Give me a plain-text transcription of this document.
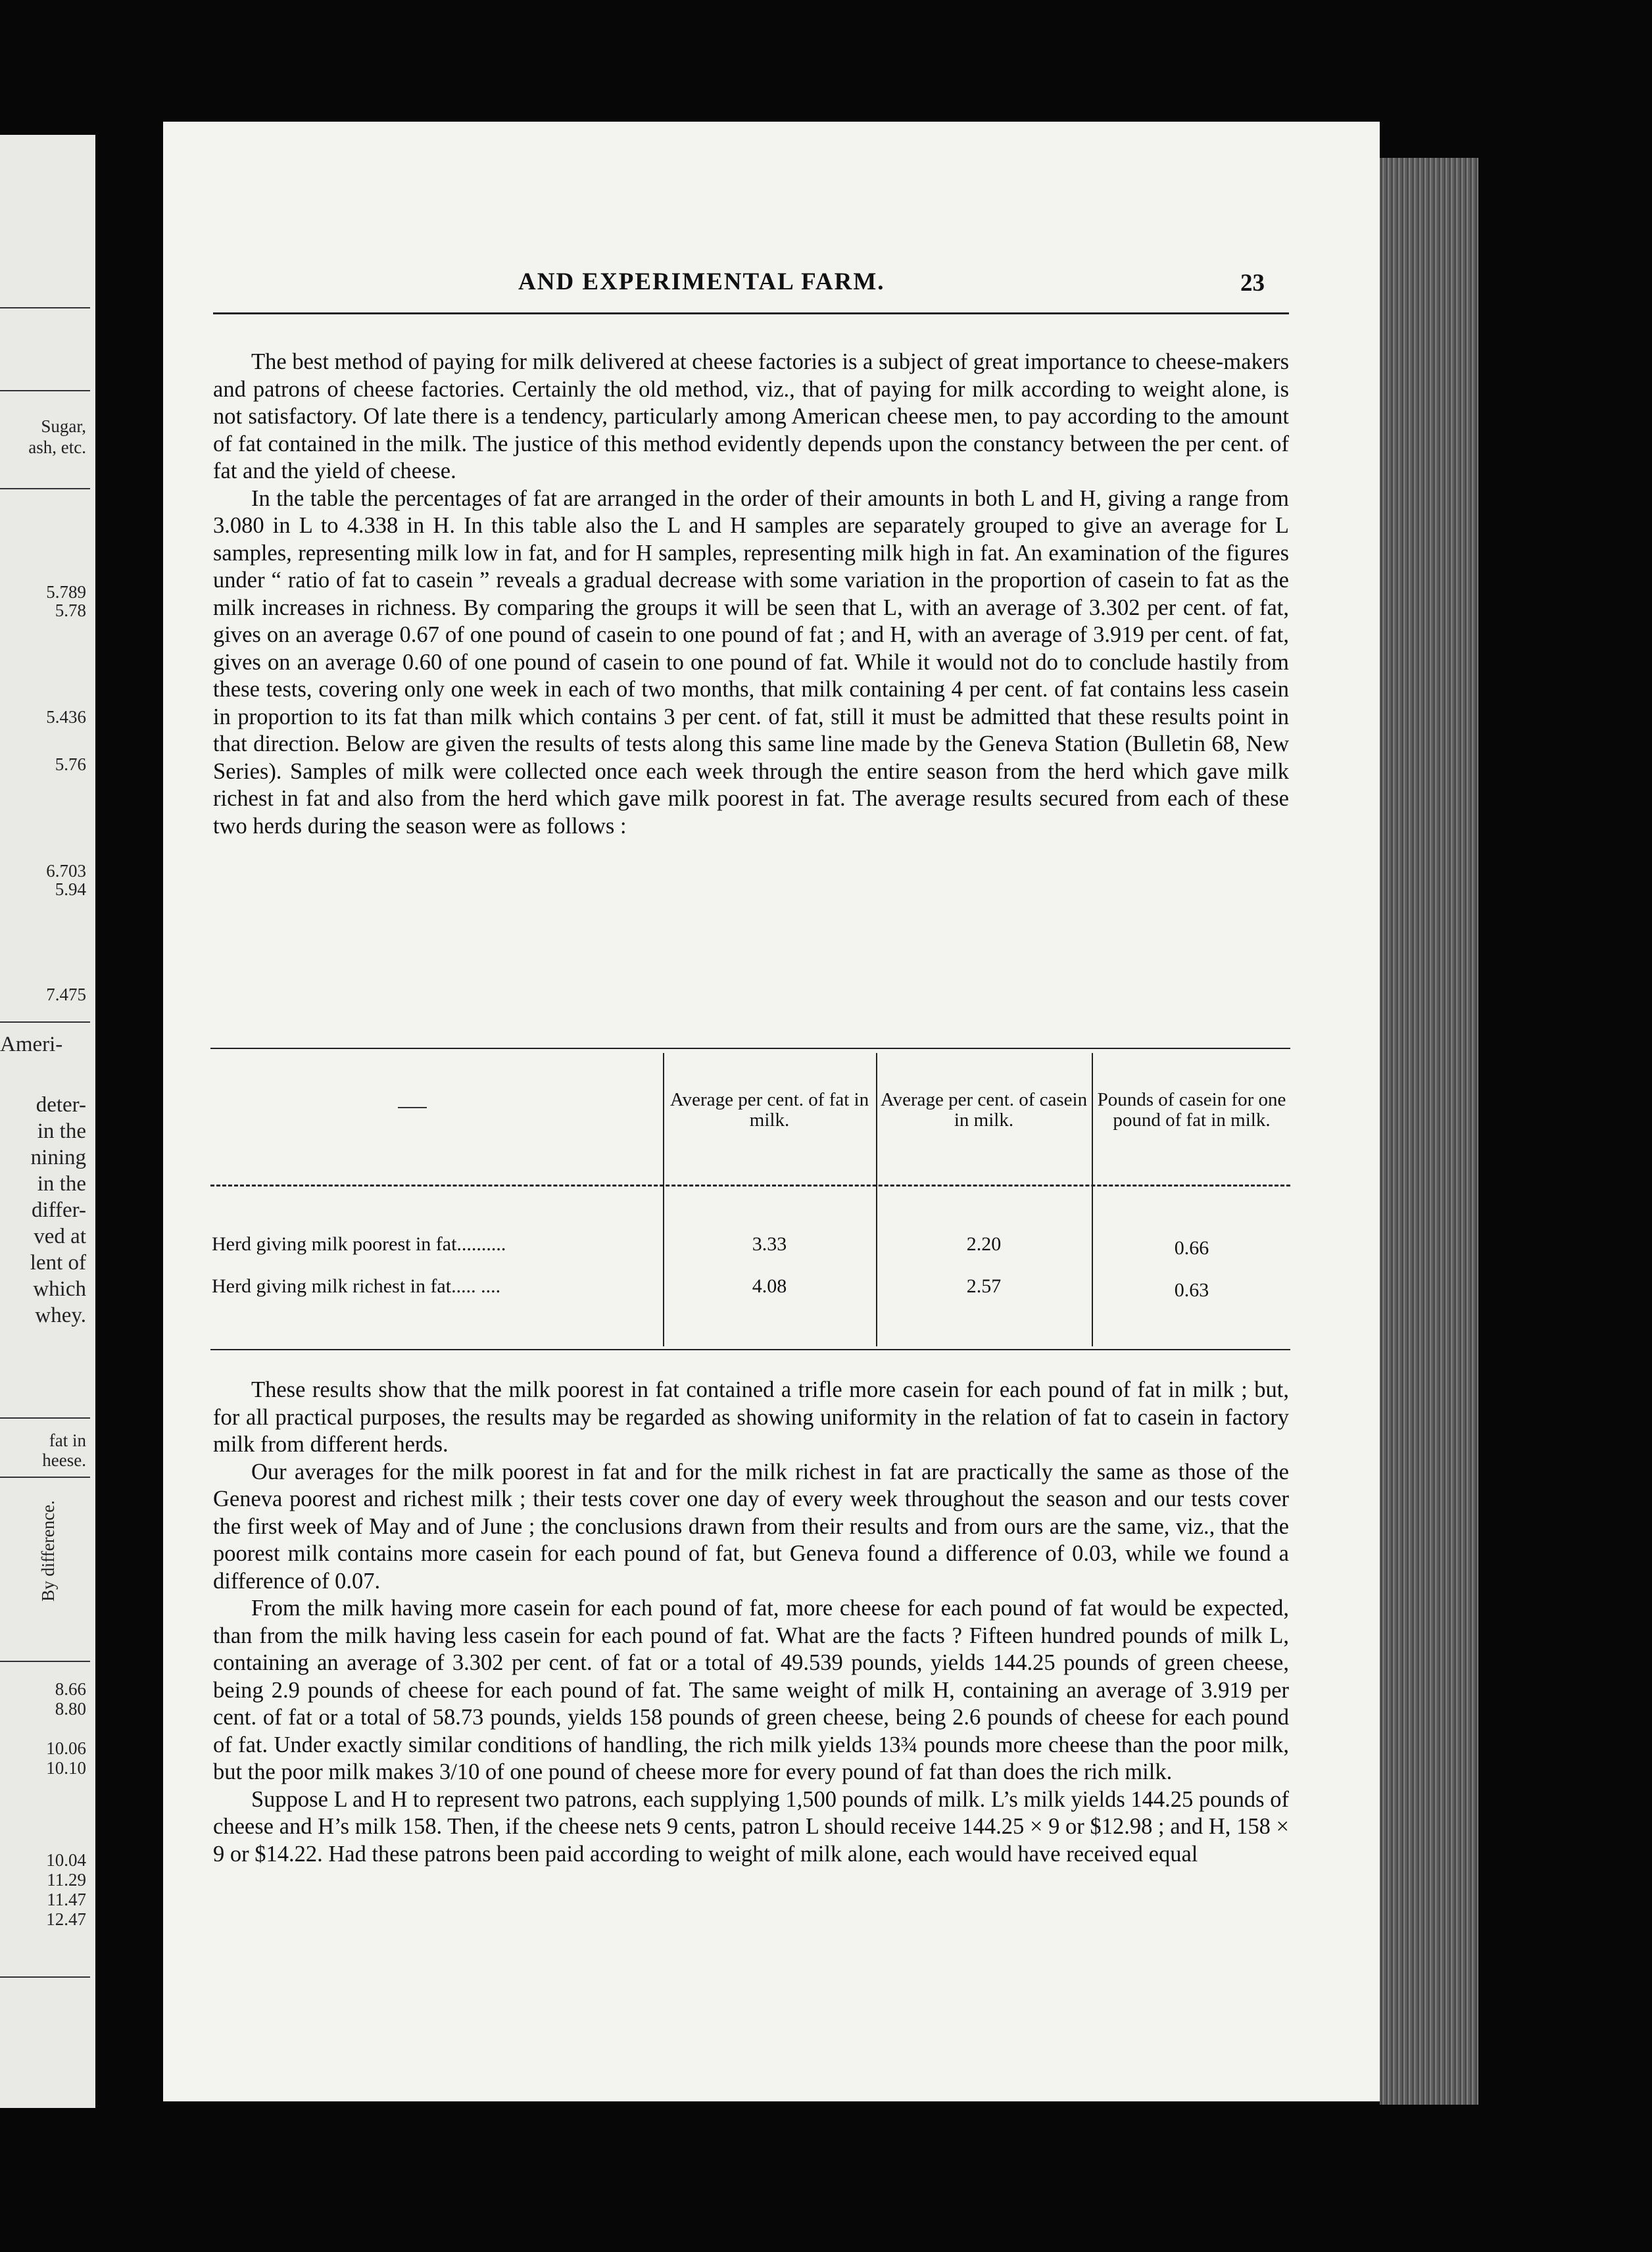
Sugar,
ash, etc.
5.789
5.78
5.436
5.76
6.703
5.94
7.475
Ameri-
deter-
in the
nining
in the
differ-
ved at
lent of
which
whey.
fat in
heese.
By difference.
8.66
8.80
10.06
10.10
10.04
11.29
11.47
12.47
AND EXPERIMENTAL FARM.	23

The best method of paying for milk delivered at cheese factories is a subject of great importance to cheese-makers and patrons of cheese factories. Certainly the old method, viz., that of paying for milk according to weight alone, is not satisfactory. Of late there is a tendency, particularly among American cheese men, to pay according to the amount of fat contained in the milk. The justice of this method evidently depends upon the constancy between the per cent. of fat and the yield of cheese.

In the table the percentages of fat are arranged in the order of their amounts in both L and H, giving a range from 3.080 in L to 4.338 in H. In this table also the L and H samples are separately grouped to give an average for L samples, representing milk low in fat, and for H samples, representing milk high in fat. An examination of the figures under “ ratio of fat to casein ” reveals a gradual decrease with some variation in the proportion of casein to fat as the milk increases in richness. By comparing the groups it will be seen that L, with an average of 3.302 per cent. of fat, gives on an average 0.67 of one pound of casein to one pound of fat ; and H, with an average of 3.919 per cent. of fat, gives on an average 0.60 of one pound of casein to one pound of fat. While it would not do to conclude hastily from these tests, covering only one week in each of two months, that milk containing 4 per cent. of fat contains less casein in proportion to its fat than milk which contains 3 per cent. of fat, still it must be admitted that these results point in that direction. Below are given the results of tests along this same line made by the Geneva Station (Bulletin 68, New Series). Samples of milk were collected once each week through the entire season from the herd which gave milk richest in fat and also from the herd which gave milk poorest in fat. The average results secured from each of these two herds during the season were as follows :

Average per cent. of fat in milk.
Average per cent. of casein in milk.
Pounds of casein for one pound of fat in milk.
Herd giving milk poorest in fat..........	3.33	2.20	0.66
Herd giving milk richest in fat..... ....	4.08	2.57	0.63

These results show that the milk poorest in fat contained a trifle more casein for each pound of fat in milk ; but, for all practical purposes, the results may be regarded as showing uniformity in the relation of fat to casein in factory milk from different herds.

Our averages for the milk poorest in fat and for the milk richest in fat are practically the same as those of the Geneva poorest and richest milk ; their tests cover one day of every week throughout the season and our tests cover the first week of May and of June ; the conclusions drawn from their results and from ours are the same, viz., that the poorest milk contains more casein for each pound of fat, but Geneva found a difference of 0.03, while we found a difference of 0.07.

From the milk having more casein for each pound of fat, more cheese for each pound of fat would be expected, than from the milk having less casein for each pound of fat. What are the facts ? Fifteen hundred pounds of milk L, containing an average of 3.302 per cent. of fat or a total of 49.539 pounds, yields 144.25 pounds of green cheese, being 2.9 pounds of cheese for each pound of fat. The same weight of milk H, containing an average of 3.919 per cent. of fat or a total of 58.73 pounds, yields 158 pounds of green cheese, being 2.6 pounds of cheese for each pound of fat. Under exactly similar conditions of handling, the rich milk yields 13¾ pounds more cheese than the poor milk, but the poor milk makes 3/10 of one pound of cheese more for every pound of fat than does the rich milk.

Suppose L and H to represent two patrons, each supplying 1,500 pounds of milk. L’s milk yields 144.25 pounds of cheese and H’s milk 158. Then, if the cheese nets 9 cents, patron L should receive 144.25 × 9 or $12.98 ; and H, 158 × 9 or $14.22. Had these patrons been paid according to weight of milk alone, each would have received equal
